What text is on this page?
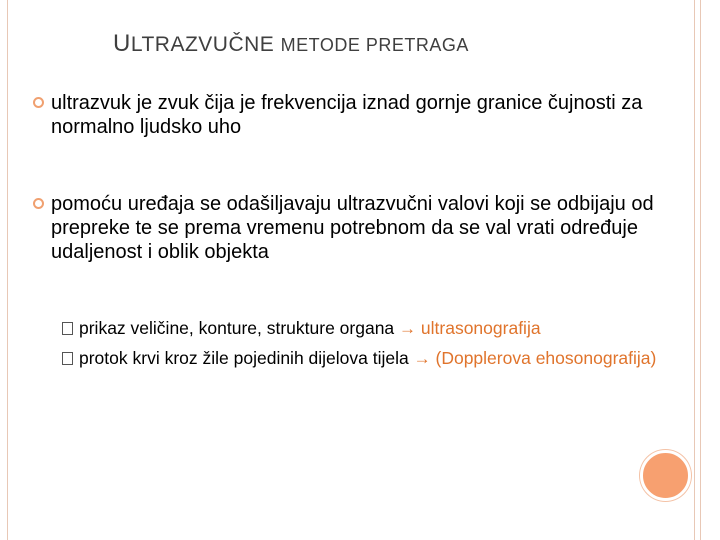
ULTRAZVUČNE METODE PRETRAGA
ultrazvuk je zvuk čija je frekvencija iznad gornje granice čujnosti za normalno ljudsko uho
pomoću uređaja se odašiljavaju ultrazvučni valovi koji se odbijaju od prepreke te se prema vremenu potrebnom da se val vrati određuje udaljenost i oblik objekta
prikaz veličine, konture, strukture organa → ultrasonografija
protok krvi kroz žile pojedinih dijelova tijela → (Dopplerova ehosonografija)
